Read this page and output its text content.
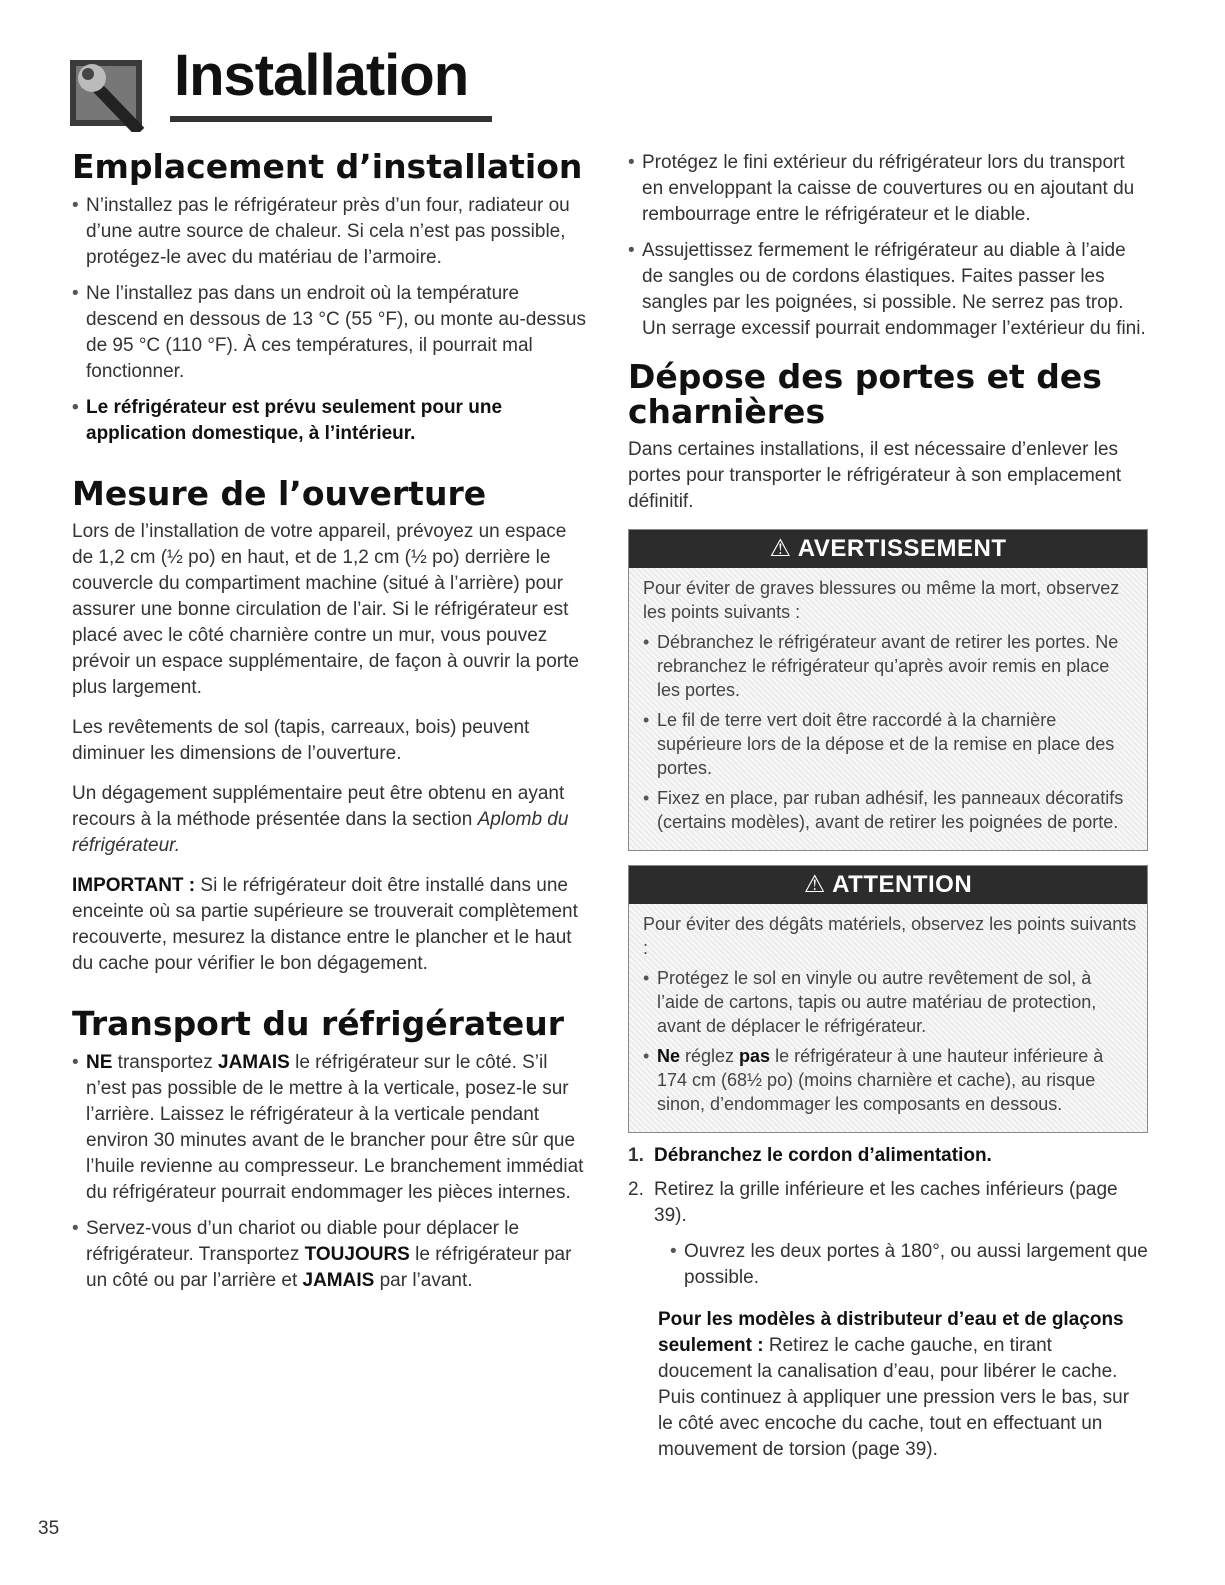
Installation
Emplacement d’installation
• N’installez pas le réfrigérateur près d’un four, radiateur ou d’une autre source de chaleur. Si cela n’est pas possible, protégez-le avec du matériau de l’armoire.
• Ne l’installez pas dans un endroit où la température descend en dessous de 13 °C (55 °F), ou monte au-dessus de 95 °C (110 °F). À ces températures, il pourrait mal fonctionner.
• Le réfrigérateur est prévu seulement pour une application domestique, à l’intérieur.
Mesure de l’ouverture

Lors de l’installation de votre appareil, prévoyez un espace de 1,2 cm (½ po) en haut, et de 1,2 cm (½ po) derrière le couvercle du compartiment machine (situé à l’arrière) pour assurer une bonne circulation de l’air. Si le réfrigérateur est placé avec le côté charnière contre un mur, vous pouvez prévoir un espace supplémentaire, de façon à ouvrir la porte plus largement.

Les revêtements de sol (tapis, carreaux, bois) peuvent diminuer les dimensions de l’ouverture.

Un dégagement supplémentaire peut être obtenu en ayant recours à la méthode présentée dans la section Aplomb du réfrigérateur.

IMPORTANT : Si le réfrigérateur doit être installé dans une enceinte où sa partie supérieure se trouverait complètement recouverte, mesurez la distance entre le plancher et le haut du cache pour vérifier le bon dégagement.

Transport du réfrigérateur
• NE transportez JAMAIS le réfrigérateur sur le côté. S’il n’est pas possible de le mettre à la verticale, posez-le sur l’arrière. Laissez le réfrigérateur à la verticale pendant environ 30 minutes avant de le brancher pour être sûr que l’huile revienne au compresseur. Le branchement immédiat du réfrigérateur pourrait endommager les pièces internes.
• Servez-vous d’un chariot ou diable pour déplacer le réfrigérateur. Transportez TOUJOURS le réfrigérateur par un côté ou par l’arrière et JAMAIS par l’avant.
• Protégez le fini extérieur du réfrigérateur lors du transport en enveloppant la caisse de couvertures ou en ajoutant du rembourrage entre le réfrigérateur et le diable.
• Assujettissez fermement le réfrigérateur au diable à l’aide de sangles ou de cordons élastiques. Faites passer les sangles par les poignées, si possible. Ne serrez pas trop. Un serrage excessif pourrait endommager l’extérieur du fini.
Dépose des portes et des charnières

Dans certaines installations, il est nécessaire d’enlever les portes pour transporter le réfrigérateur à son emplacement définitif.

⚠ AVERTISSEMENT

Pour éviter de graves blessures ou même la mort, observez les points suivants :

• Débranchez le réfrigérateur avant de retirer les portes. Ne rebranchez le réfrigérateur qu’après avoir remis en place les portes.
• Le fil de terre vert doit être raccordé à la charnière supérieure lors de la dépose et de la remise en place des portes.
• Fixez en place, par ruban adhésif, les panneaux décoratifs (certains modèles), avant de retirer les poignées de porte.
⚠ ATTENTION

Pour éviter des dégâts matériels, observez les points suivants :

• Protégez le sol en vinyle ou autre revêtement de sol, à l’aide de cartons, tapis ou autre matériau de protection, avant de déplacer le réfrigérateur.
• Ne réglez pas le réfrigérateur à une hauteur inférieure à 174 cm (68½ po) (moins charnière et cache), au risque sinon, d’endommager les composants en dessous.
1. Débranchez le cordon d’alimentation.
2. Retirez la grille inférieure et les caches inférieurs (page 39).
• Ouvrez les deux portes à 180°, ou aussi largement que possible.

Pour les modèles à distributeur d’eau et de glaçons seulement : Retirez le cache gauche, en tirant doucement la canalisation d’eau, pour libérer le cache. Puis continuez à appliquer une pression vers le bas, sur le côté avec encoche du cache, tout en effectuant un mouvement de torsion (page 39).

35
